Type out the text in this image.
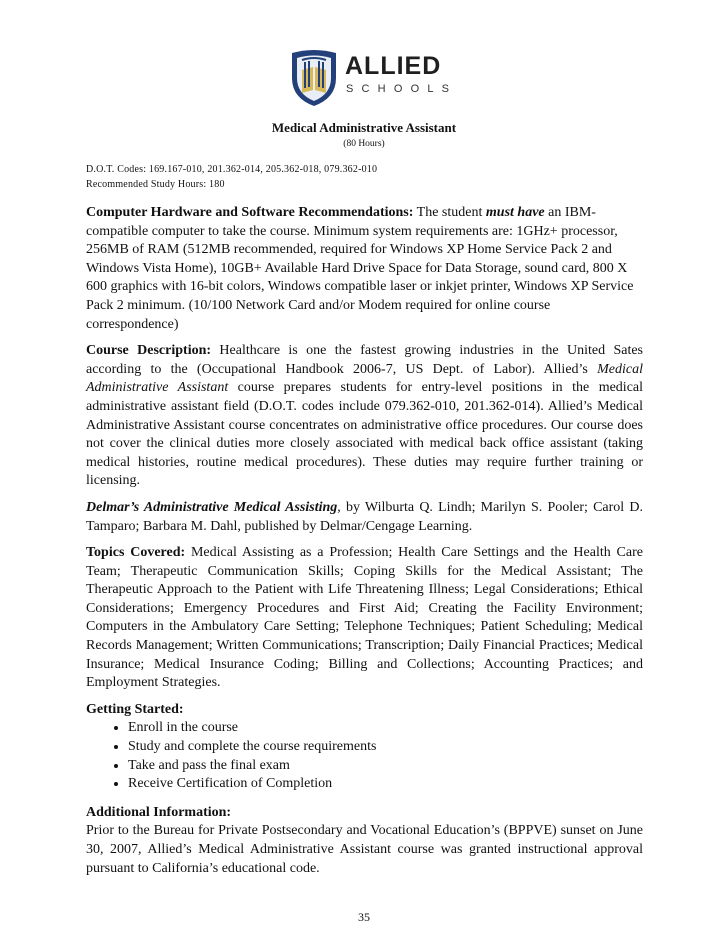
ALLIED
SCHOOLS
Medical Administrative Assistant
(80 Hours)
D.O.T. Codes: 169.167-010, 201.362-014, 205.362-018, 079.362-010
Recommended Study Hours: 180

Computer Hardware and Software Recommendations: The student must have an IBM-compatible computer to take the course. Minimum system requirements are: 1GHz+ processor, 256MB of RAM (512MB recommended, required for Windows XP Home Service Pack 2 and Windows Vista Home), 10GB+ Available Hard Drive Space for Data Storage, sound card, 800 X 600 graphics with 16-bit colors, Windows compatible laser or inkjet printer, Windows XP Service Pack 2 minimum. (10/100 Network Card and/or Modem required for online course correspondence)

Course Description: Healthcare is one the fastest growing industries in the United Sates according to the (Occupational Handbook 2006-7, US Dept. of Labor). Allied’s Medical Administrative Assistant course prepares students for entry-level positions in the medical administrative assistant field (D.O.T. codes include 079.362-010, 201.362-014). Allied’s Medical Administrative Assistant course concentrates on administrative office procedures. Our course does not cover the clinical duties more closely associated with medical back office assistant (taking medical histories, routine medical procedures). These duties may require further training or licensing.

Delmar’s Administrative Medical Assisting, by Wilburta Q. Lindh; Marilyn S. Pooler; Carol D. Tamparo; Barbara M. Dahl, published by Delmar/Cengage Learning.

Topics Covered: Medical Assisting as a Profession; Health Care Settings and the Health Care Team; Therapeutic Communication Skills; Coping Skills for the Medical Assistant; The Therapeutic Approach to the Patient with Life Threatening Illness; Legal Considerations; Ethical Considerations; Emergency Procedures and First Aid; Creating the Facility Environment; Computers in the Ambulatory Care Setting; Telephone Techniques; Patient Scheduling; Medical Records Management; Written Communications; Transcription; Daily Financial Practices; Medical Insurance; Medical Insurance Coding; Billing and Collections; Accounting Practices; and Employment Strategies.

Getting Started:

• Enroll in the course
• Study and complete the course requirements
• Take and pass the final exam
• Receive Certification of Completion

Additional Information:

Prior to the Bureau for Private Postsecondary and Vocational Education’s (BPPVE) sunset on June 30, 2007, Allied’s Medical Administrative Assistant course was granted instructional approval pursuant to California’s educational code.

35
